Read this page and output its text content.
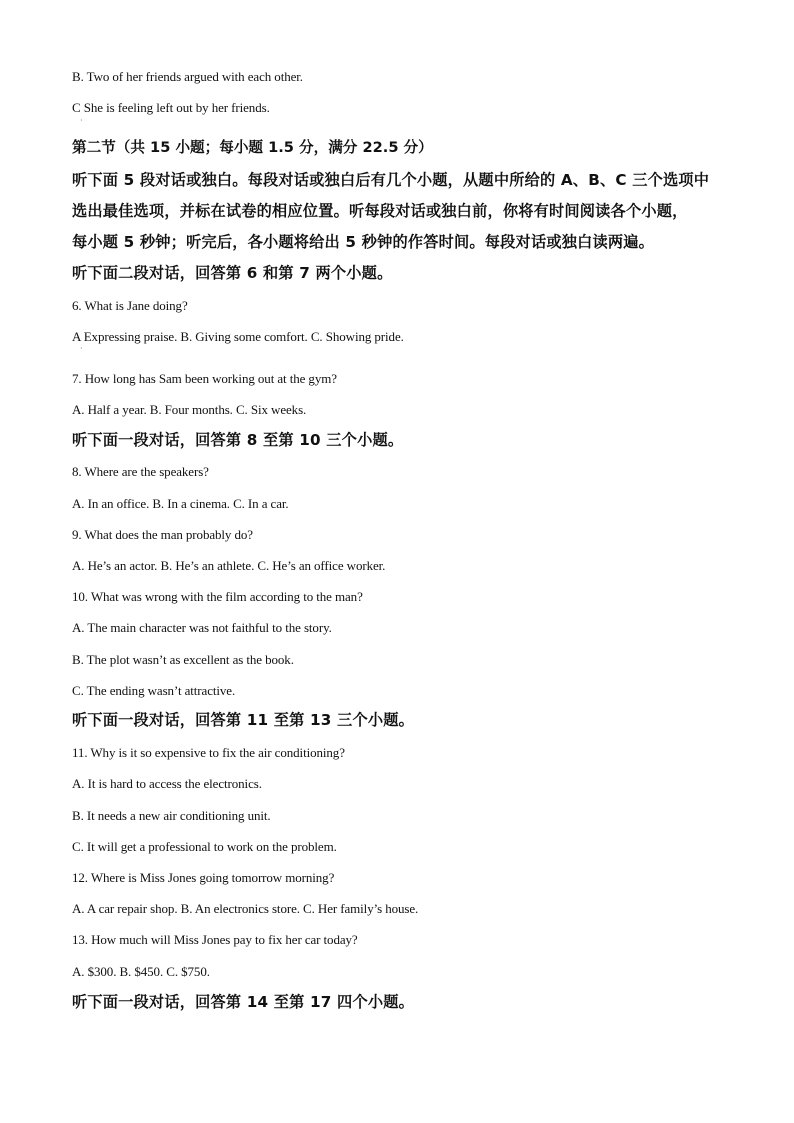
B. Two of her friends argued with each other.
C She is feeling left out by her friends.
·
第二节（共 15 小题；每小题 1.5 分，满分 22.5 分）
听下面 5 段对话或独白。每段对话或独白后有几个小题，从题中所给的 A、B、C 三个选项中
选出最佳选项，并标在试卷的相应位置。听每段对话或独白前，你将有时间阅读各个小题，
每小题 5 秒钟；听完后，各小题将给出 5 秒钟的作答时间。每段对话或独白读两遍。
听下面二段对话，回答第 6 和第 7 两个小题。
6. What is Jane doing?
A Expressing praise. B. Giving some comfort. C. Showing pride.
·
7. How long has Sam been working out at the gym?
A. Half a year. B. Four months. C. Six weeks.
听下面一段对话，回答第 8 至第 10 三个小题。
8. Where are the speakers?
A. In an office. B. In a cinema. C. In a car.
9. What does the man probably do?
A. He’s an actor. B. He’s an athlete. C. He’s an office worker.
10. What was wrong with the film according to the man?
A. The main character was not faithful to the story.
B. The plot wasn’t as excellent as the book.
C. The ending wasn’t attractive.
听下面一段对话，回答第 11 至第 13 三个小题。
11. Why is it so expensive to fix the air conditioning?
A. It is hard to access the electronics.
B. It needs a new air conditioning unit.
C. It will get a professional to work on the problem.
12. Where is Miss Jones going tomorrow morning?
A. A car repair shop. B. An electronics store. C. Her family’s house.
13. How much will Miss Jones pay to fix her car today?
A. $300. B. $450. C. $750.
听下面一段对话，回答第 14 至第 17 四个小题。
